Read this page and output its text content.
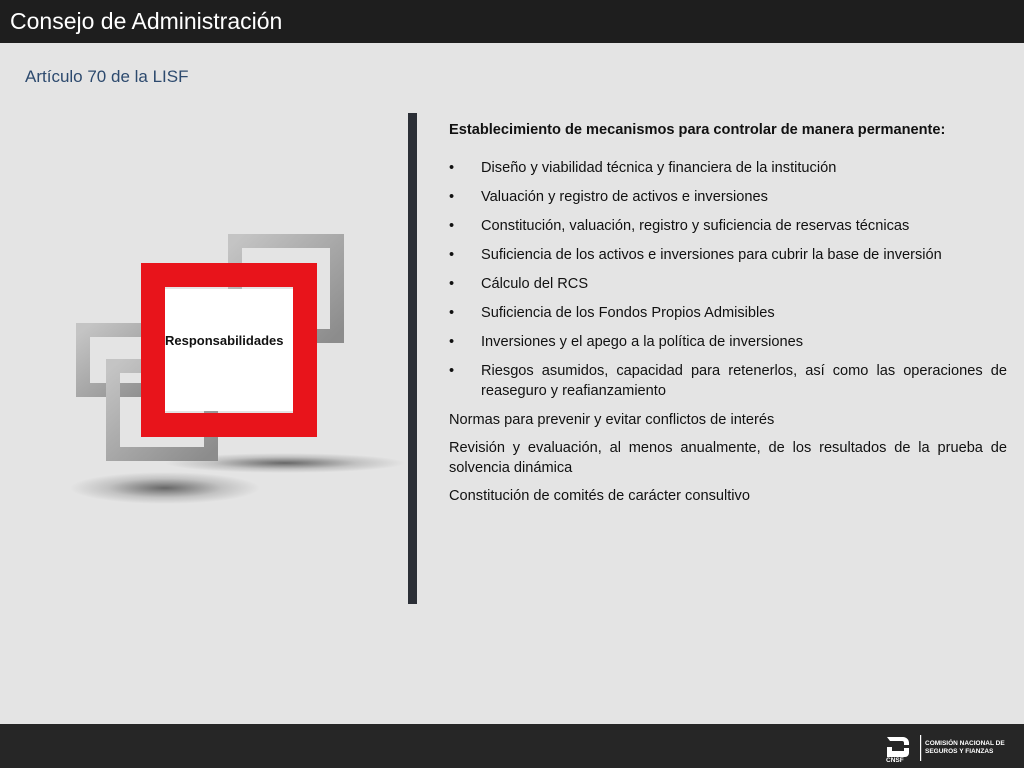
Consejo de Administración
Artículo 70 de la LISF
Responsabilidades

Establecimiento de mecanismos para controlar de manera permanente:

• Diseño y viabilidad técnica y financiera de la institución
• Valuación y registro de activos e inversiones
• Constitución, valuación, registro y suficiencia de reservas técnicas
• Suficiencia de los activos e inversiones para cubrir la base de inversión
• Cálculo del RCS
• Suficiencia de los Fondos Propios Admisibles
• Inversiones y el apego a la política de inversiones
• Riesgos asumidos, capacidad para retenerlos, así como las operaciones de reaseguro y reafianzamiento

Normas para prevenir y evitar conflictos de interés

Revisión y evaluación, al menos anualmente, de los resultados de la prueba de solvencia dinámica

Constitución de comités de carácter consultivo

CNSF
COMISIÓN NACIONAL DE
SEGUROS Y FIANZAS
